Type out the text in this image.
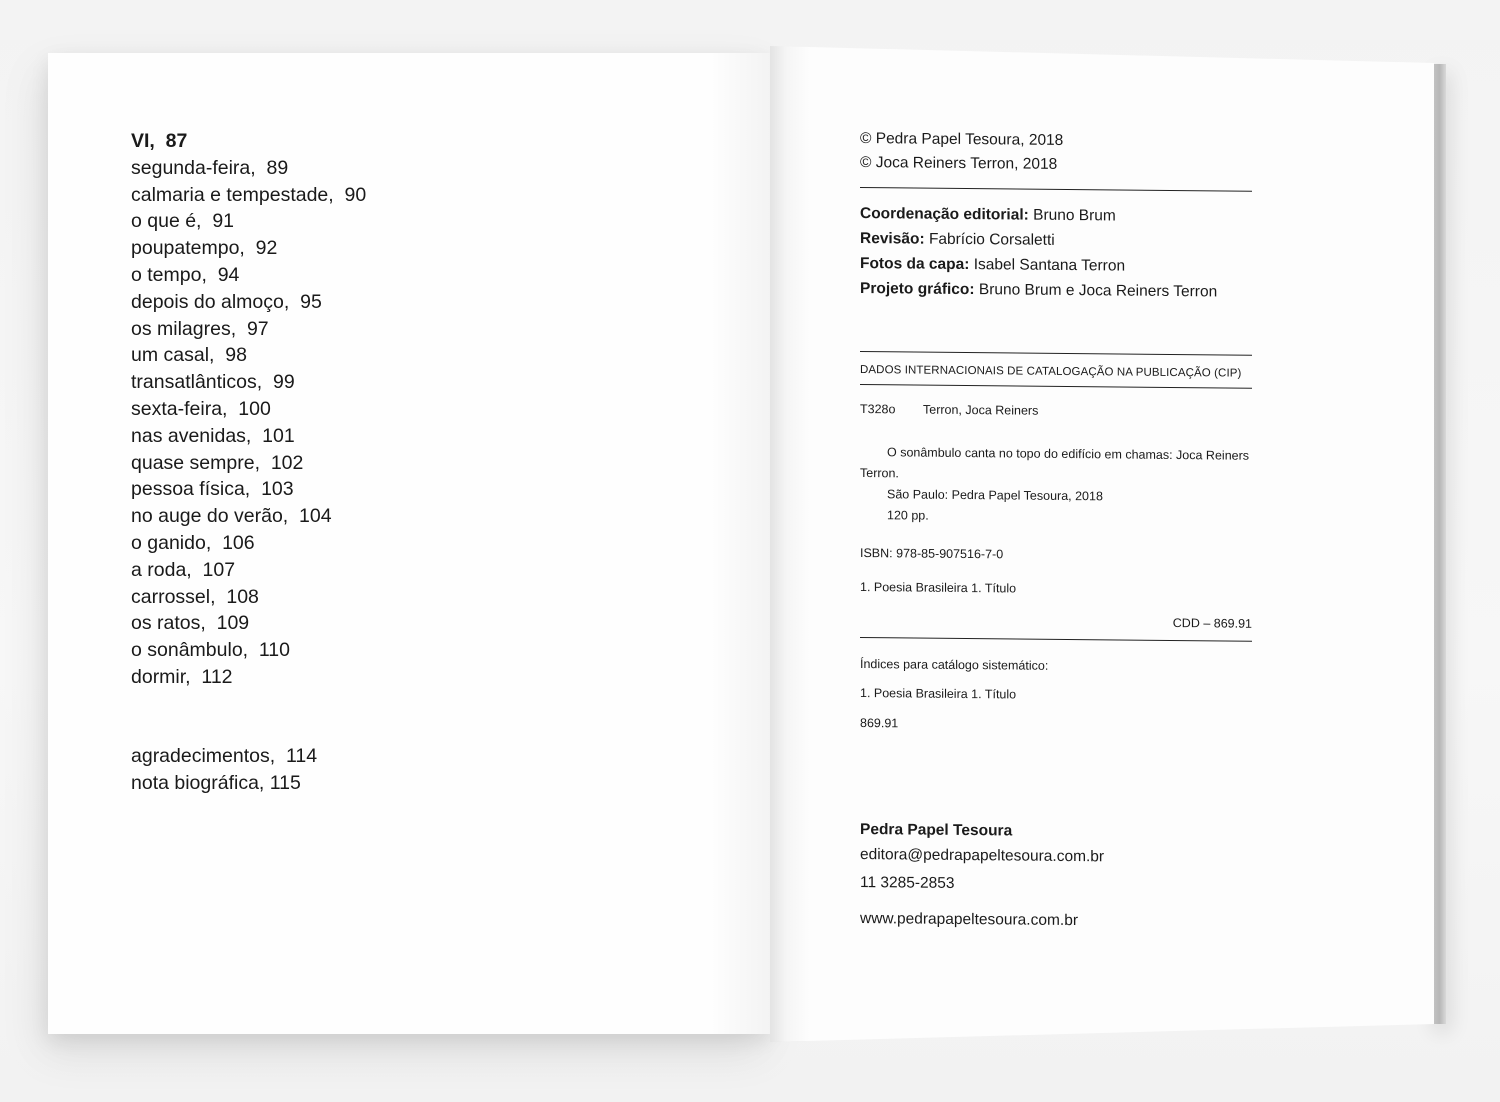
VI,  87
segunda-feira,  89
calmaria e tempestade,  90
o que é,  91
poupatempo,  92
o tempo,  94
depois do almoço,  95
os milagres,  97
um casal,  98
transatlânticos,  99
sexta-feira,  100
nas avenidas,  101
quase sempre,  102
pessoa física,  103
no auge do verão,  104
o ganido,  106
a roda,  107
carrossel,  108
os ratos,  109
o sonâmbulo,  110
dormir,  112
agradecimentos,  114
nota biográfica, 115
© Pedra Papel Tesoura, 2018
© Joca Reiners Terron, 2018
Coordenação editorial: Bruno Brum
Revisão: Fabrício Corsaletti
Fotos da capa: Isabel Santana Terron
Projeto gráfico: Bruno Brum e Joca Reiners Terron
DADOS INTERNACIONAIS DE CATALOGAÇÃO NA PUBLICAÇÃO (CIP)
T328o Terron, Joca Reiners
O sonâmbulo canta no topo do edifício em chamas: Joca Reiners
Terron.
São Paulo: Pedra Papel Tesoura, 2018
120 pp.
ISBN: 978-85-907516-7-0
1. Poesia Brasileira 1. Título
CDD – 869.91
Índices para catálogo sistemático:
1. Poesia Brasileira 1. Título
869.91
Pedra Papel Tesoura
editora@pedrapapeltesoura.com.br
11 3285-2853
www.pedrapapeltesoura.com.br
